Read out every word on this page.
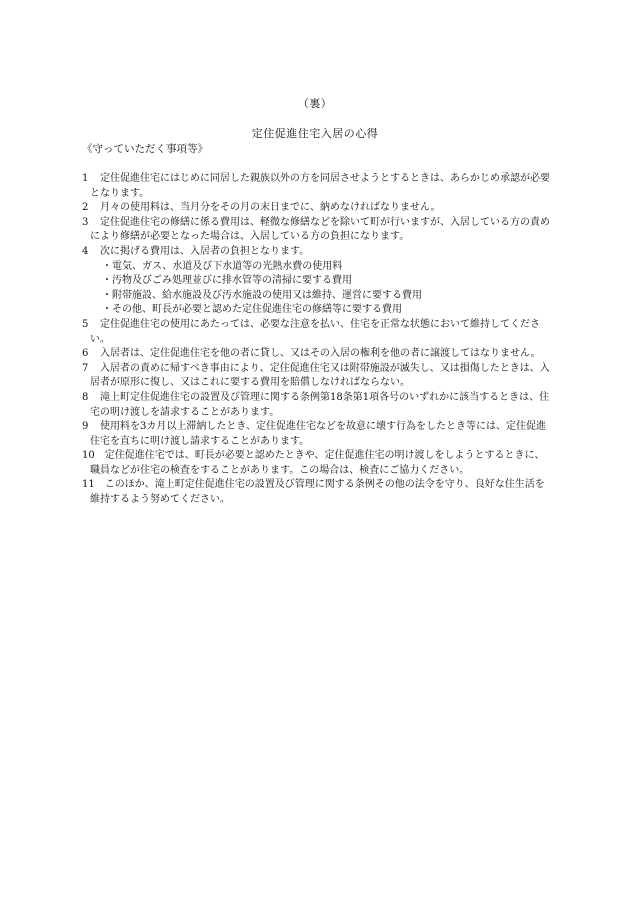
（裏）
定住促進住宅入居の心得
《守っていただく事項等》

1　定住促進住宅にはじめに同居した親族以外の方を同居させようとするときは、あらかじめ承認が必要となります。

2　月々の使用料は、当月分をその月の末日までに、納めなければなりません。

3　定住促進住宅の修繕に係る費用は、軽微な修繕などを除いて町が行いますが、入居している方の責めにより修繕が必要となった場合は、入居している方の負担になります。

4　次に掲げる費用は、入居者の負担となります。

・電気、ガス、水道及び下水道等の光熱水費の使用料

・汚物及びごみ処理並びに排水管等の清掃に要する費用

・附帯施設、給水施設及び汚水施設の使用又は維持、運営に要する費用

・その他、町長が必要と認めた定住促進住宅の修繕等に要する費用

5　定住促進住宅の使用にあたっては、必要な注意を払い、住宅を正常な状態において維持してください。

6　入居者は、定住促進住宅を他の者に貸し、又はその入居の権利を他の者に譲渡してはなりません。

7　入居者の責めに帰すべき事由により、定住促進住宅又は附帯施設が滅失し、又は損傷したときは、入居者が原形に復し、又はこれに要する費用を賠償しなければならない。

8　滝上町定住促進住宅の設置及び管理に関する条例第18条第1項各号のいずれかに該当するときは、住宅の明け渡しを請求することがあります。

9　使用料を3カ月以上滞納したとき、定住促進住宅などを故意に壊す行為をしたとき等には、定住促進住宅を直ちに明け渡し請求することがあります。

10　定住促進住宅では、町長が必要と認めたときや、定住促進住宅の明け渡しをしようとするときに、職員などが住宅の検査をすることがあります。この場合は、検査にご協力ください。

11　このほか、滝上町定住促進住宅の設置及び管理に関する条例その他の法令を守り、良好な住生活を維持するよう努めてください。
